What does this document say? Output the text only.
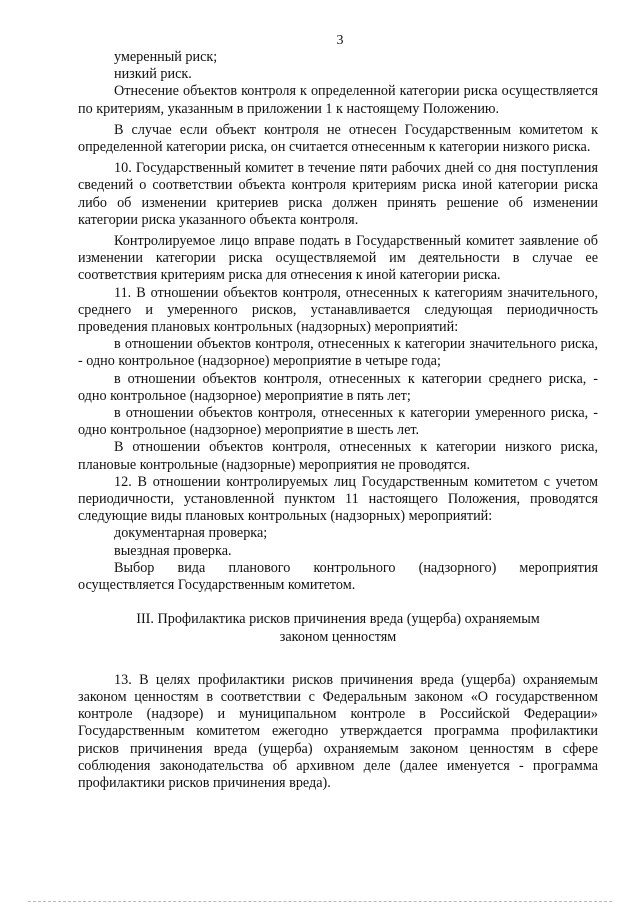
3

умеренный риск;

низкий риск.

Отнесение объектов контроля к определенной категории риска осуществляется по критериям, указанным в приложении 1 к настоящему Положению.

В случае если объект контроля не отнесен Государственным комитетом к определенной категории риска, он считается отнесенным к категории низкого риска.

10. Государственный комитет в течение пяти рабочих дней со дня поступления сведений о соответствии объекта контроля критериям риска иной категории риска либо об изменении критериев риска должен принять решение об изменении категории риска указанного объекта контроля.

Контролируемое лицо вправе подать в Государственный комитет заявление об изменении категории риска осуществляемой им деятельности в случае ее соответствия критериям риска для отнесения к иной категории риска.

11. В отношении объектов контроля, отнесенных к категориям значительного, среднего и умеренного рисков, устанавливается следующая периодичность проведения плановых контрольных (надзорных) мероприятий:

в отношении объектов контроля, отнесенных к категории значительного риска, - одно контрольное (надзорное) мероприятие в четыре года;

в отношении объектов контроля, отнесенных к категории среднего риска, - одно контрольное (надзорное) мероприятие в пять лет;

в отношении объектов контроля, отнесенных к категории умеренного риска, - одно контрольное (надзорное) мероприятие в шесть лет.

В отношении объектов контроля, отнесенных к категории низкого риска, плановые контрольные (надзорные) мероприятия не проводятся.

12. В отношении контролируемых лиц Государственным комитетом с учетом периодичности, установленной пунктом 11 настоящего Положения, проводятся следующие виды плановых контрольных (надзорных) мероприятий:

документарная проверка;

выездная проверка.

Выбор вида планового контрольного (надзорного) мероприятия осуществляется Государственным комитетом.

III. Профилактика рисков причинения вреда (ущерба) охраняемым законом ценностям

13. В целях профилактики рисков причинения вреда (ущерба) охраняемым законом ценностям в соответствии с Федеральным законом «О государственном контроле (надзоре) и муниципальном контроле в Российской Федерации» Государственным комитетом ежегодно утверждается программа профилактики рисков причинения вреда (ущерба) охраняемым законом ценностям в сфере соблюдения законодательства об архивном деле (далее именуется - программа профилактики рисков причинения вреда).
